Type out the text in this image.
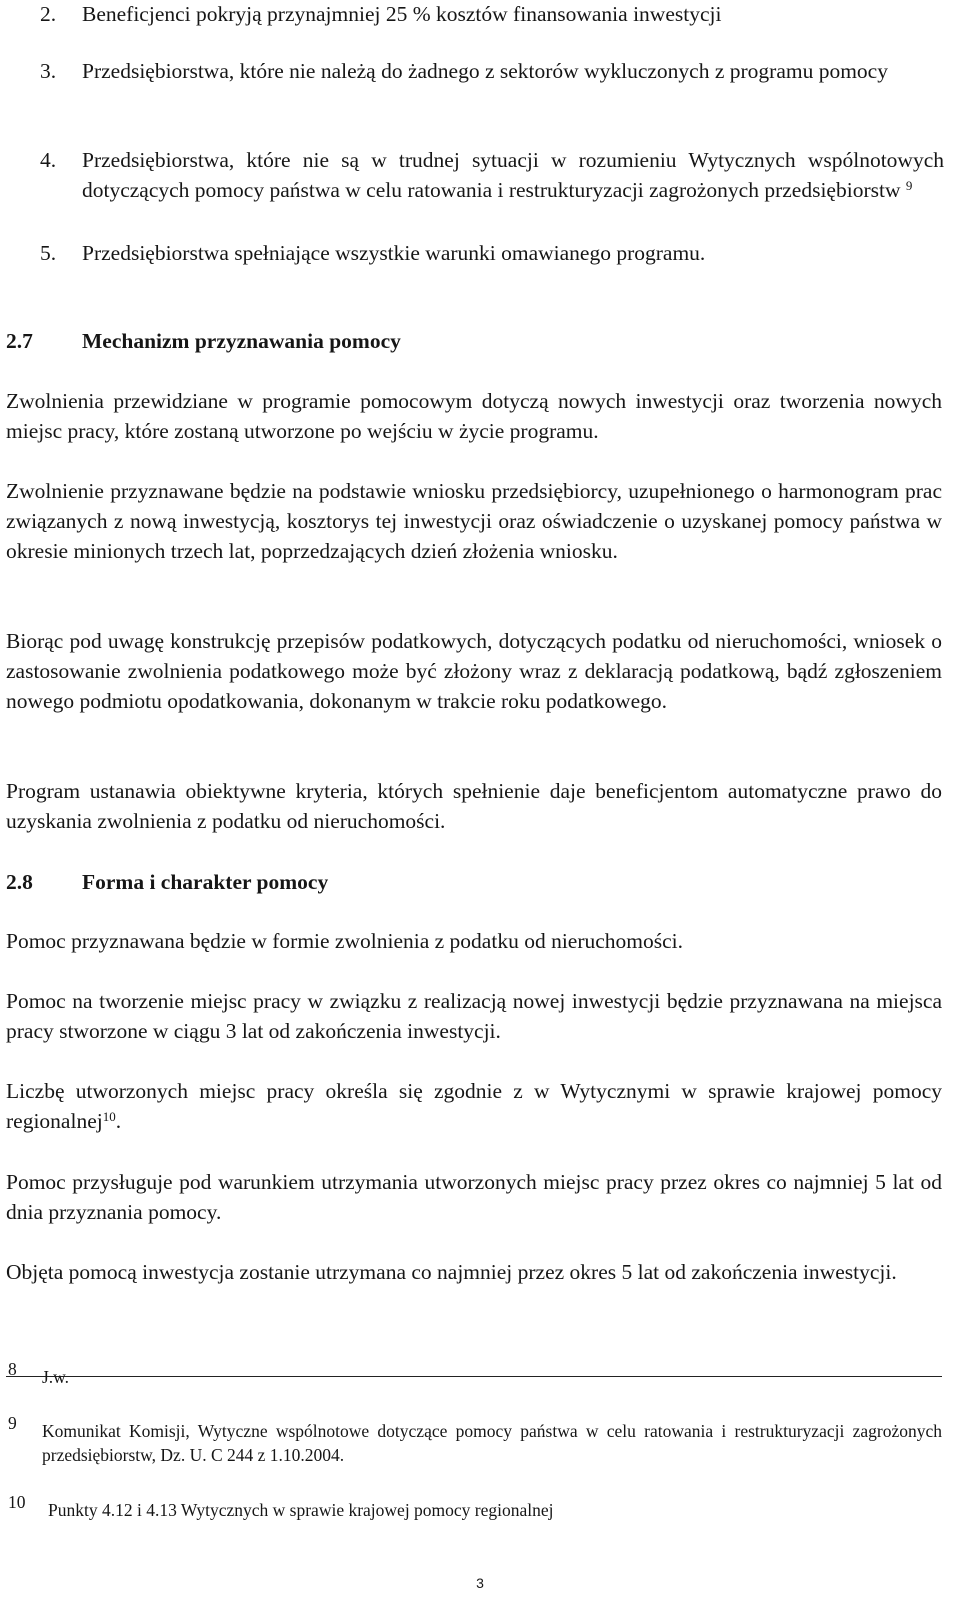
2. Beneficjenci pokryją przynajmniej 25 % kosztów finansowania inwestycji
3. Przedsiębiorstwa, które nie należą do żadnego z sektorów wykluczonych z programu pomocy
4. Przedsiębiorstwa, które nie są w trudnej sytuacji w rozumieniu Wytycznych wspólnotowych dotyczących pomocy państwa w celu ratowania i restrukturyzacji zagrożonych przedsiębiorstw $^9$
5. Przedsiębiorstwa spełniające wszystkie warunki omawianego programu.
2.7 Mechanizm przyznawania pomocy
Zwolnienia przewidziane w programie pomocowym dotyczą nowych inwestycji oraz tworzenia nowych miejsc pracy, które zostaną utworzone po wejściu w życie programu.
Zwolnienie przyznawane będzie na podstawie wniosku przedsiębiorcy, uzupełnionego o harmonogram prac związanych z nową inwestycją, kosztorys tej inwestycji oraz oświadczenie o uzyskanej pomocy państwa w okresie minionych trzech lat, poprzedzających dzień złożenia wniosku.
Biorąc pod uwagę konstrukcję przepisów podatkowych, dotyczących podatku od nieruchomości, wniosek o zastosowanie zwolnienia podatkowego może być złożony wraz z deklaracją podatkową, bądź zgłoszeniem nowego podmiotu opodatkowania, dokonanym w trakcie roku podatkowego.
Program ustanawia obiektywne kryteria, których spełnienie daje beneficjentom automatyczne prawo do uzyskania zwolnienia z podatku od nieruchomości.
2.8 Forma i charakter pomocy
Pomoc przyznawana będzie w formie zwolnienia z podatku od nieruchomości.
Pomoc na tworzenie miejsc pracy w związku z realizacją nowej inwestycji będzie przyznawana na miejsca pracy stworzone w ciągu 3 lat od zakończenia inwestycji.
Liczbę utworzonych miejsc pracy określa się zgodnie z w Wytycznymi w sprawie krajowej pomocy regionalnej$^{10}$.
Pomoc przysługuje pod warunkiem utrzymania utworzonych miejsc pracy przez okres co najmniej 5 lat od dnia przyznania pomocy.
Objęta pomocą inwestycja zostanie utrzymana co najmniej przez okres 5 lat od zakończenia inwestycji.
8 J.w.
9 Komunikat Komisji, Wytyczne wspólnotowe dotyczące pomocy państwa w celu ratowania i restrukturyzacji zagrożonych przedsiębiorstw, Dz. U. C 244 z 1.10.2004.
10 Punkty 4.12 i 4.13 Wytycznych w sprawie krajowej pomocy regionalnej
3
